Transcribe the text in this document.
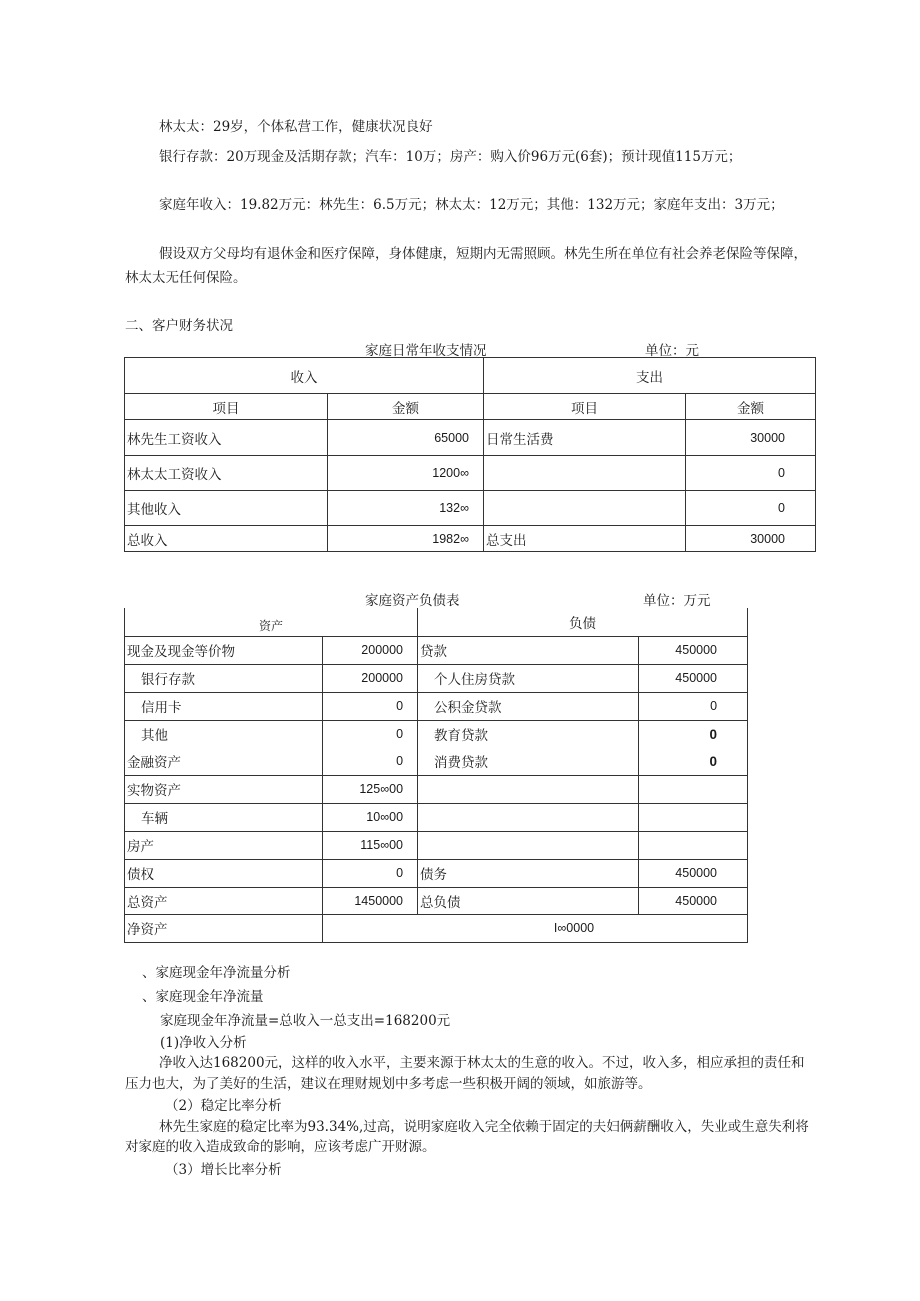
林太太：29岁，个体私营工作，健康状况良好
银行存款：20万现金及活期存款；汽车：10万；房产：购入价96万元(6套)；预计现值115万元；
家庭年收入：19.82万元：林先生：6.5万元；林太太：12万元；其他：132万元；家庭年支出：3万元；
假设双方父母均有退休金和医疗保障，身体健康，短期内无需照顾。林先生所在单位有社会养老保险等保障，林太太无任何保险。
二、客户财务状况
家庭日常年收支情况	单位：元
收入		支出	
项目	金额	项目	金额
林先生工资收入	65000	日常生活费	30000
林太太工资收入	1200∞		0
其他收入	132∞		0
总收入	1982∞	总支出	30000
家庭资产负债表	单位：万元
资产		负债	
现金及现金等价物	200000	贷款	450000
银行存款	200000	个人住房贷款	450000
信用卡	0	公积金贷款	0
其他	0	教育贷款	0
金融资产	0	消费贷款	0
实物资产	125∞00		
车辆	10∞00		
房产	115∞00		
债权	0	债务	450000
总资产	1450000	总负债	450000
净资产	I∞0000		
、家庭现金年净流量分析
、家庭现金年净流量
家庭现金年净流量=总收入一总支出=168200元
(1)净收入分析
净收入达168200元，这样的收入水平，主要来源于林太太的生意的收入。不过，收入多，相应承担的责任和压力也大，为了美好的生活，建议在理财规划中多考虑一些积极开阔的领域，如旅游等。
（2）稳定比率分析
林先生家庭的稳定比率为93.34%,过高，说明家庭收入完全依赖于固定的夫妇俩薪酬收入，失业或生意失利将对家庭的收入造成致命的影响，应该考虑广开财源。
（3）增长比率分析
